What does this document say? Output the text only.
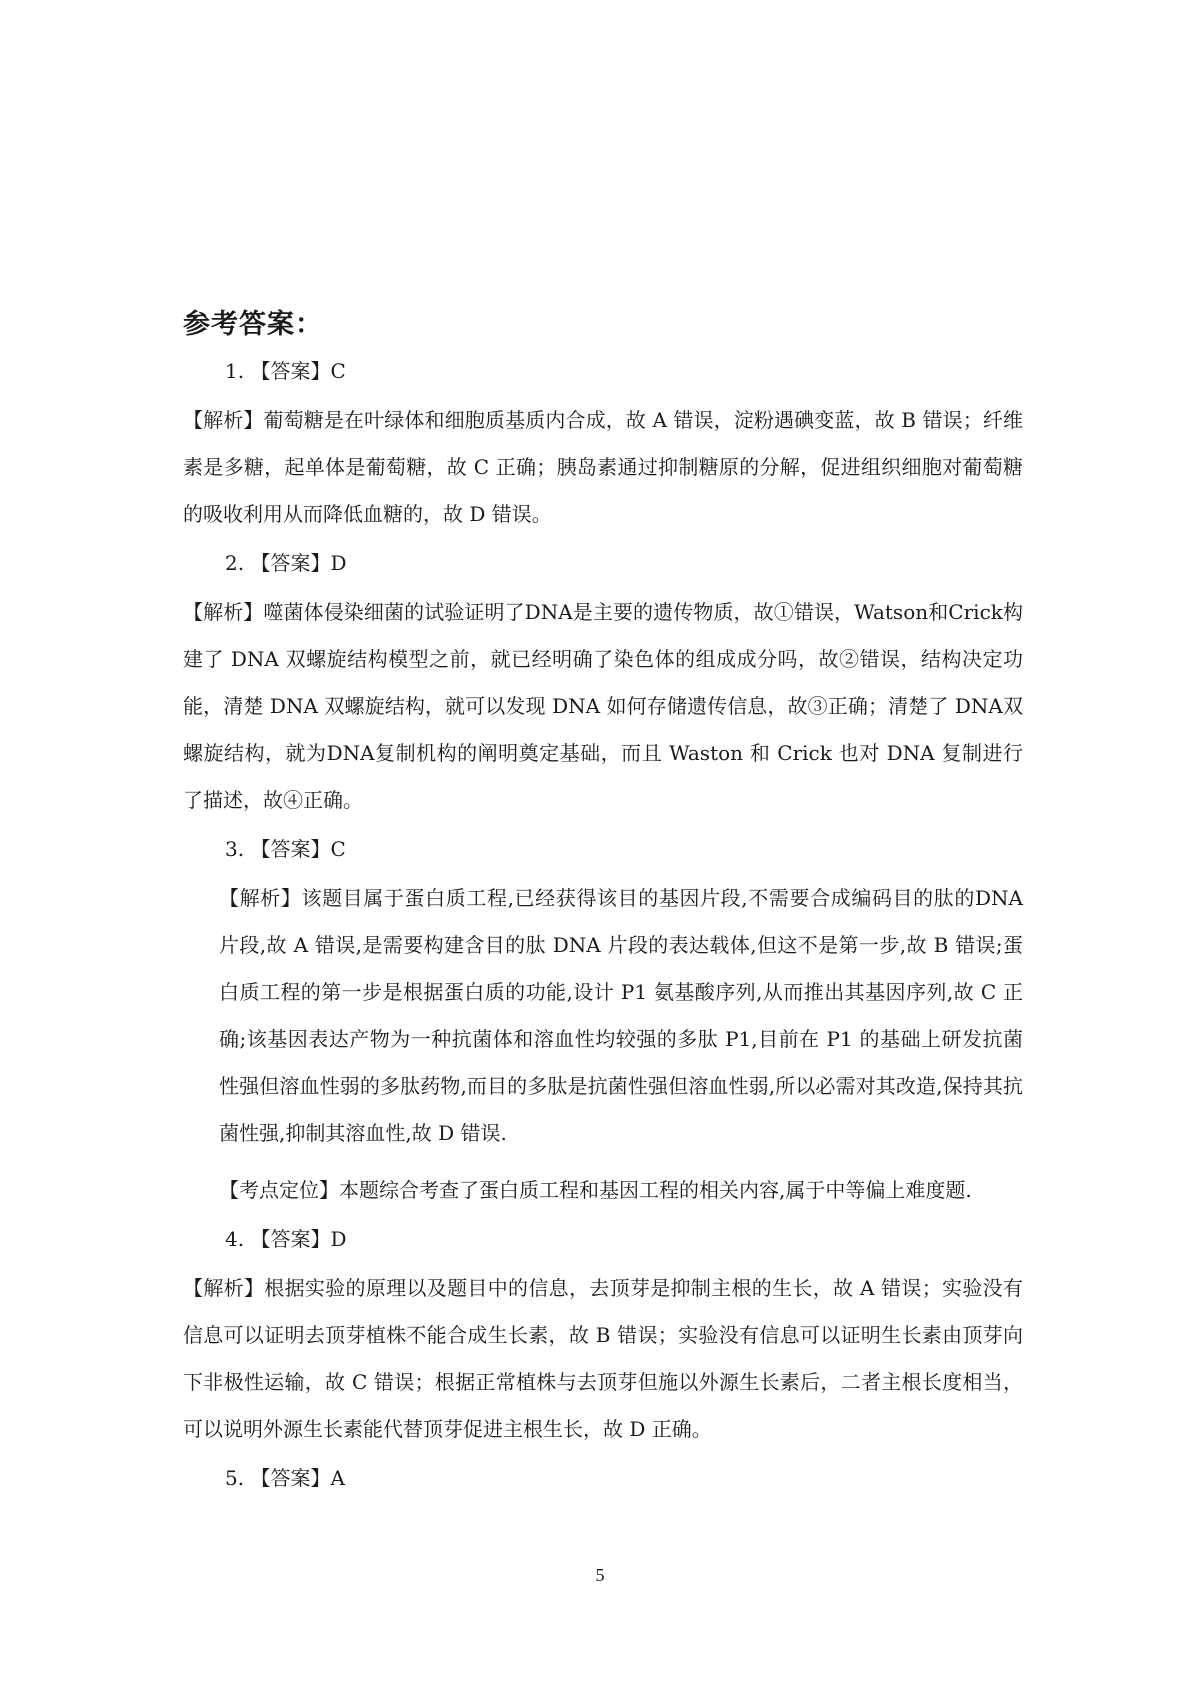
参考答案：
1. 【答案】C
【解析】葡萄糖是在叶绿体和细胞质基质内合成，故 A 错误，淀粉遇碘变蓝，故 B 错误；纤维素是多糖，起单体是葡萄糖，故 C 正确；胰岛素通过抑制糖原的分解，促进组织细胞对葡萄糖的吸收利用从而降低血糖的，故 D 错误。
2. 【答案】D
【解析】噬菌体侵染细菌的试验证明了DNA是主要的遗传物质，故①错误，Watson和Crick构建了 DNA 双螺旋结构模型之前，就已经明确了染色体的组成成分吗，故②错误，结构决定功能，清楚 DNA 双螺旋结构，就可以发现 DNA 如何存储遗传信息，故③正确；清楚了 DNA双螺旋结构，就为DNA复制机构的阐明奠定基础，而且 Waston 和 Crick 也对 DNA 复制进行了描述，故④正确。
3. 【答案】C
【解析】该题目属于蛋白质工程,已经获得该目的基因片段,不需要合成编码目的肽的DNA 片段,故 A 错误,是需要构建含目的肽 DNA 片段的表达载体,但这不是第一步,故 B 错误;蛋白质工程的第一步是根据蛋白质的功能,设计 P1 氨基酸序列,从而推出其基因序列,故 C 正确;该基因表达产物为一种抗菌体和溶血性均较强的多肽 P1,目前在 P1 的基础上研发抗菌性强但溶血性弱的多肽药物,而目的多肽是抗菌性强但溶血性弱,所以必需对其改造,保持其抗菌性强,抑制其溶血性,故 D 错误.
【考点定位】本题综合考查了蛋白质工程和基因工程的相关内容,属于中等偏上难度题.
4. 【答案】D
【解析】根据实验的原理以及题目中的信息，去顶芽是抑制主根的生长，故 A 错误；实验没有信息可以证明去顶芽植株不能合成生长素，故 B 错误；实验没有信息可以证明生长素由顶芽向下非极性运输，故 C 错误；根据正常植株与去顶芽但施以外源生长素后，二者主根长度相当，可以说明外源生长素能代替顶芽促进主根生长，故 D 正确。
5. 【答案】A
5
